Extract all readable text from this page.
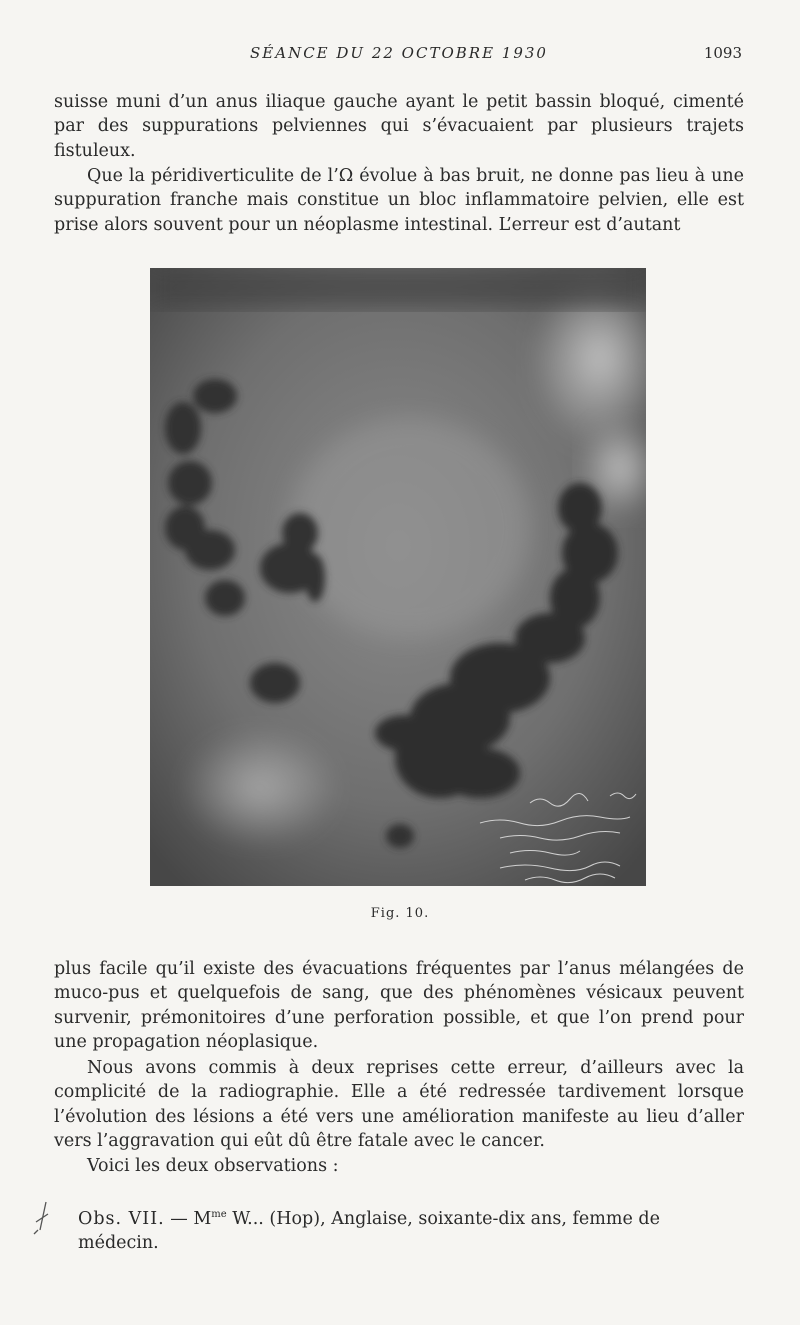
SÉANCE DU 22 OCTOBRE 1930	1093

suisse muni d’un anus iliaque gauche ayant le petit bassin bloqué, cimenté par des suppurations pelviennes qui s’évacuaient par plusieurs trajets fistuleux.

Que la péridiverticulite de l’Ω évolue à bas bruit, ne donne pas lieu à une suppuration franche mais constitue un bloc inflammatoire pelvien, elle est prise alors souvent pour un néoplasme intestinal. L’erreur est d’autant

Fig. 10.

plus facile qu’il existe des évacuations fréquentes par l’anus mélangées de muco-pus et quelquefois de sang, que des phénomènes vésicaux peuvent survenir, prémonitoires d’une perforation possible, et que l’on prend pour une propagation néoplasique.

Nous avons commis à deux reprises cette erreur, d’ailleurs avec la complicité de la radiographie. Elle a été redressée tardivement lorsque l’évolution des lésions a été vers une amélioration manifeste au lieu d’aller vers l’aggravation qui eût dû être fatale avec le cancer.

Voici les deux observations :

Obs. VII. — $M^{me}$ W... (Hop), Anglaise, soixante-dix ans, femme de médecin.
